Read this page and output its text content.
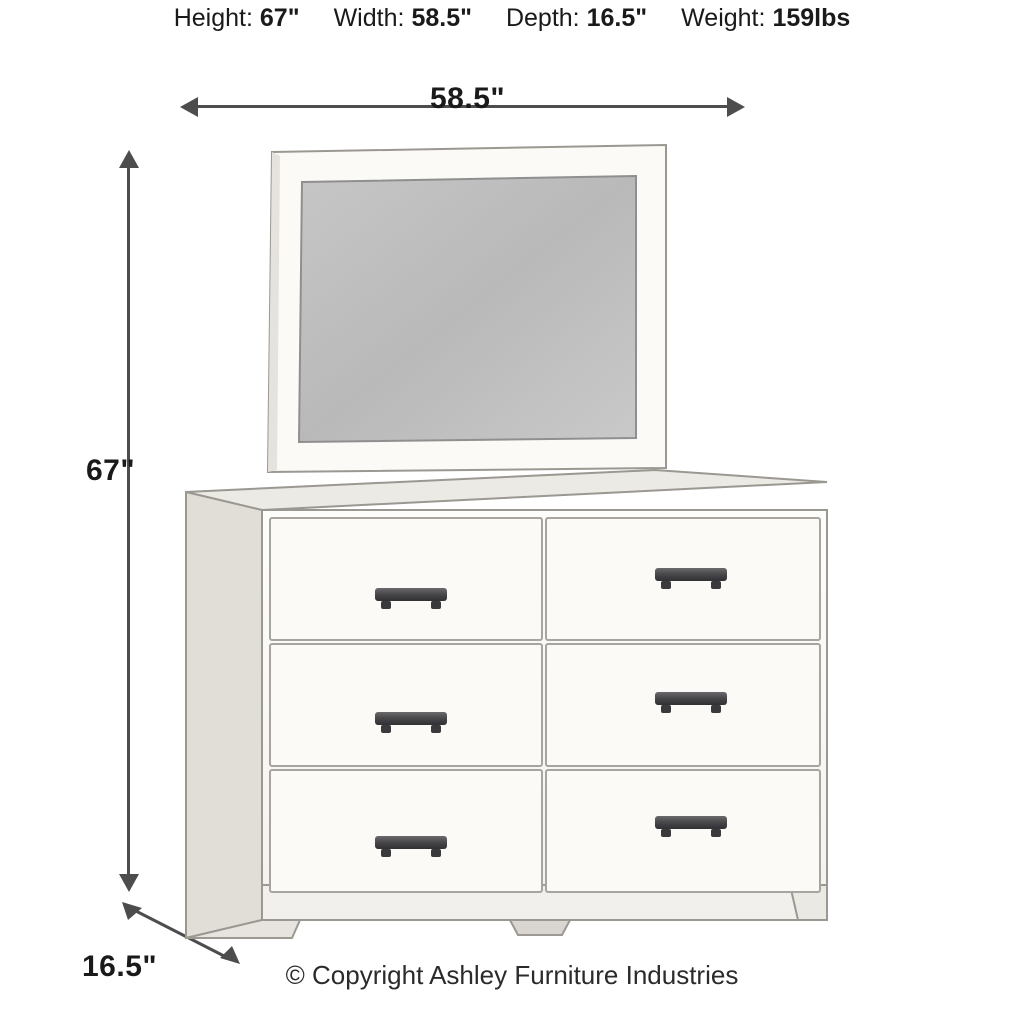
Height: 67" Width: 58.5" Depth: 16.5" Weight: 159lbs
58.5"
67"
16.5"	© Copyright Ashley Furniture Industries
